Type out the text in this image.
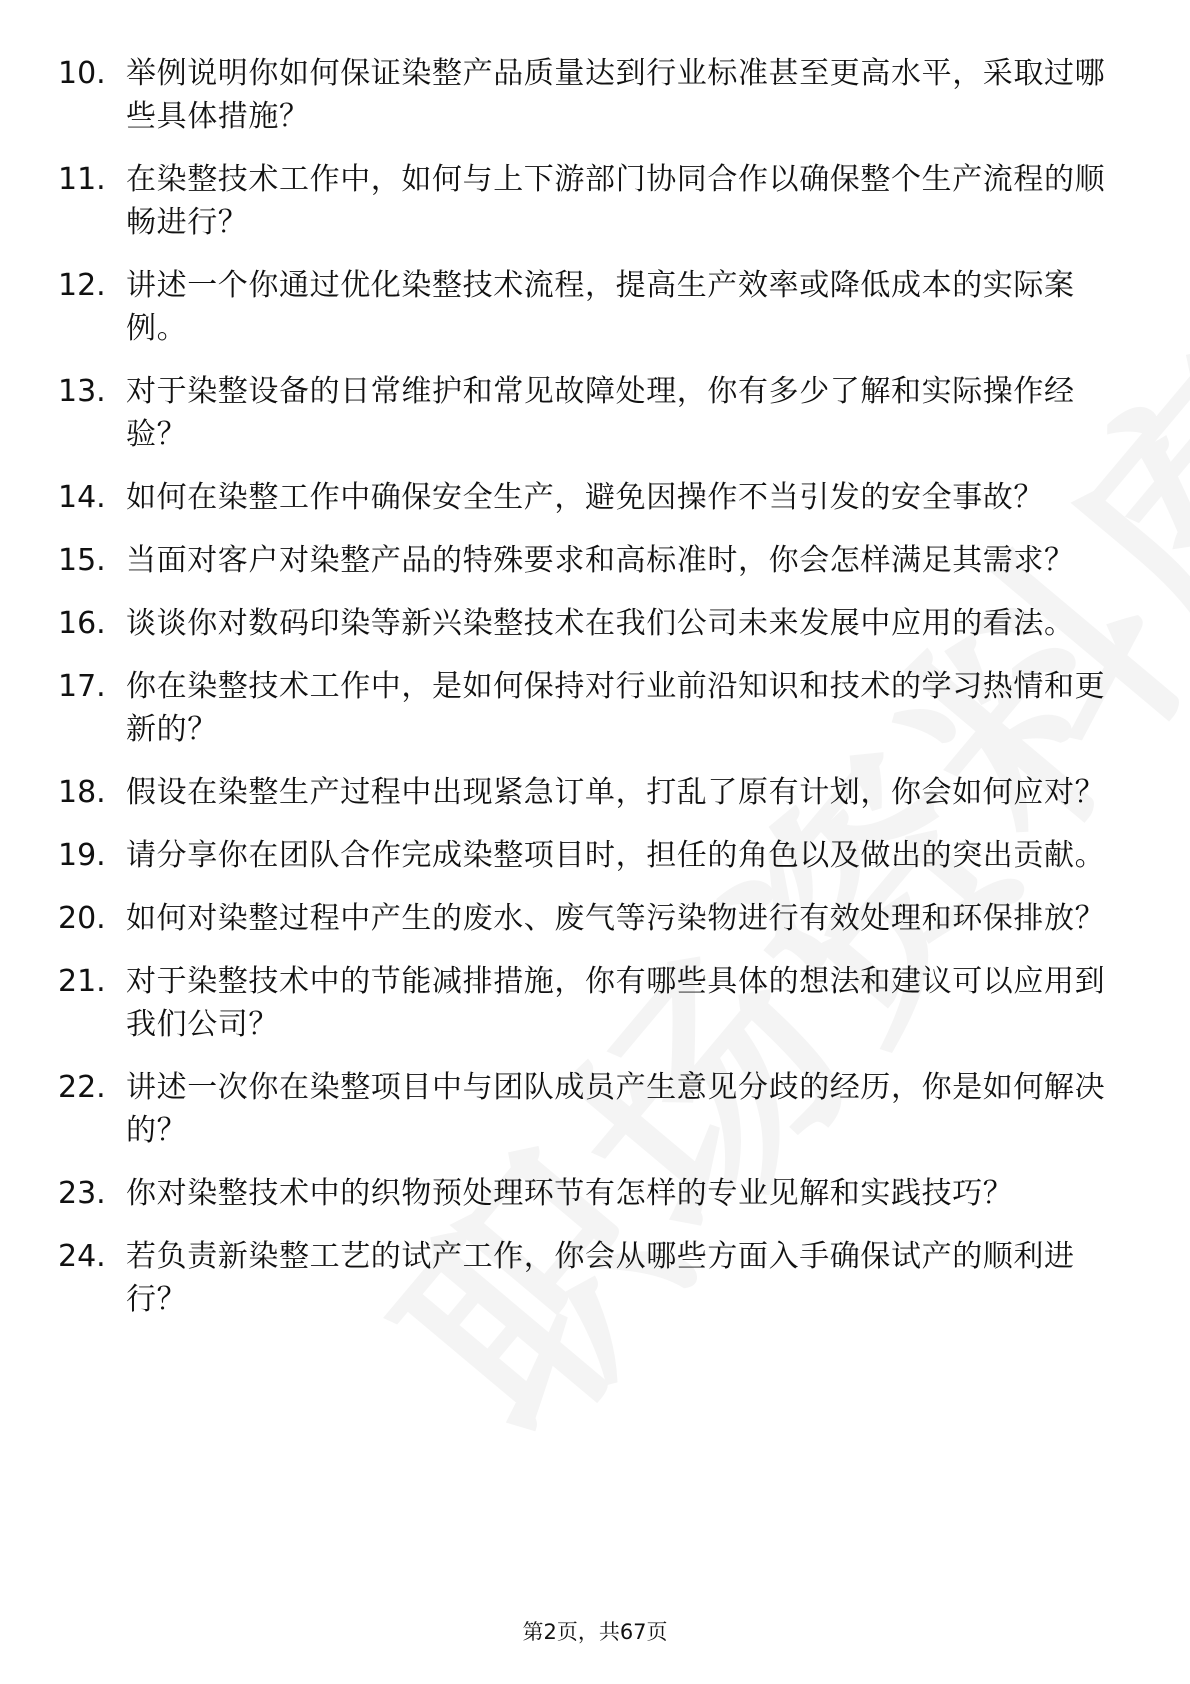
10. 举例说明你如何保证染整产品质量达到行业标准甚至更高水平，采取过哪些具体措施？
11. 在染整技术工作中，如何与上下游部门协同合作以确保整个生产流程的顺畅进行？
12. 讲述一个你通过优化染整技术流程，提高生产效率或降低成本的实际案例。
13. 对于染整设备的日常维护和常见故障处理，你有多少了解和实际操作经验？
14. 如何在染整工作中确保安全生产，避免因操作不当引发的安全事故？
15. 当面对客户对染整产品的特殊要求和高标准时，你会怎样满足其需求？
16. 谈谈你对数码印染等新兴染整技术在我们公司未来发展中应用的看法。
17. 你在染整技术工作中，是如何保持对行业前沿知识和技术的学习热情和更新的？
18. 假设在染整生产过程中出现紧急订单，打乱了原有计划，你会如何应对？
19. 请分享你在团队合作完成染整项目时，担任的角色以及做出的突出贡献。
20. 如何对染整过程中产生的废水、废气等污染物进行有效处理和环保排放？
21. 对于染整技术中的节能减排措施，你有哪些具体的想法和建议可以应用到我们公司？
22. 讲述一次你在染整项目中与团队成员产生意见分歧的经历，你是如何解决的？
23. 你对染整技术中的织物预处理环节有怎样的专业见解和实践技巧？
24. 若负责新染整工艺的试产工作，你会从哪些方面入手确保试产的顺利进行？
第2页，共67页
